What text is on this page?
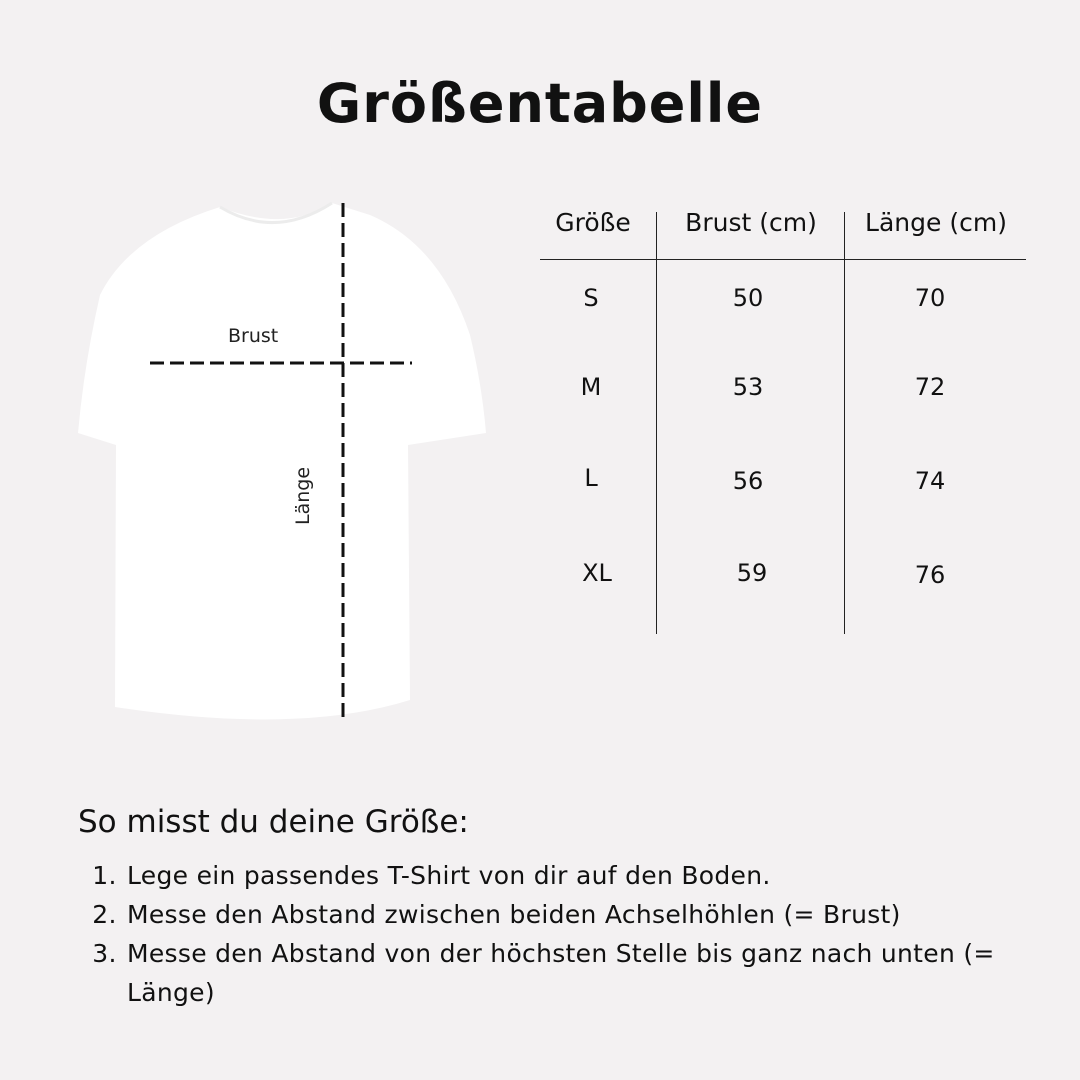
Größentabelle
Brust
Länge
Größe	Brust (cm)	Länge (cm)
S	50	70
M	53	72
L	56	74
XL	59	76
So misst du deine Größe:
1. Lege ein passendes T-Shirt von dir auf den Boden.
2. Messe den Abstand zwischen beiden Achselhöhlen (= Brust)
3. Messe den Abstand von der höchsten Stelle bis ganz nach unten (= Länge)
